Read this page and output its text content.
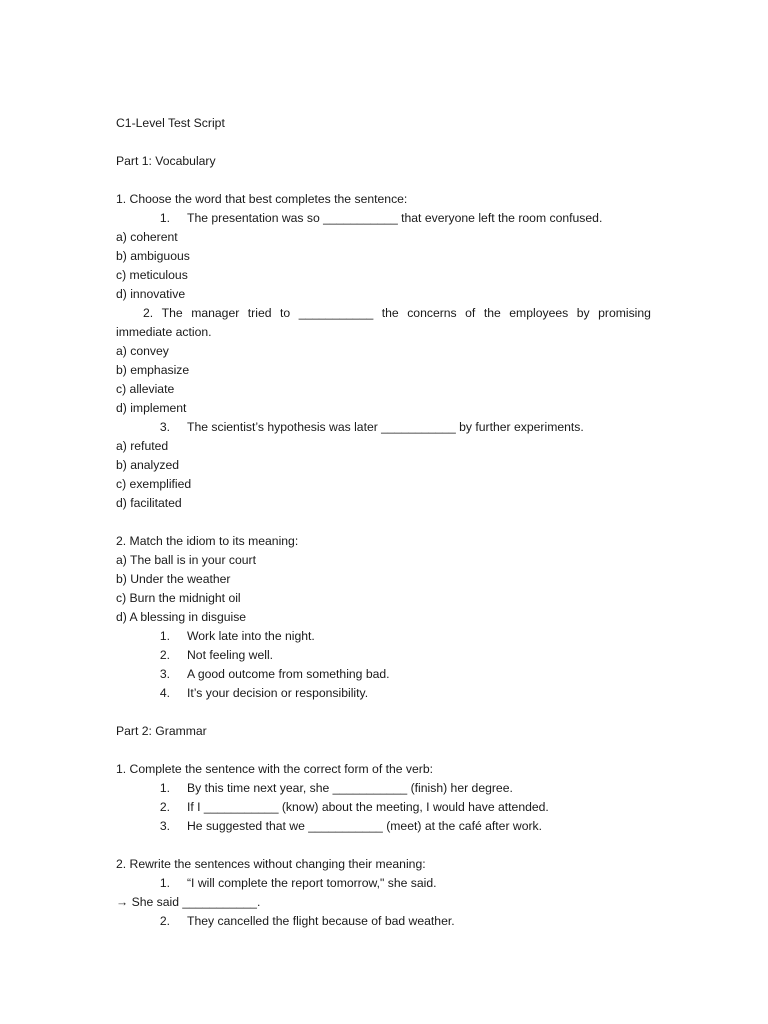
C1-Level Test Script
Part 1: Vocabulary
1. Choose the word that best completes the sentence:
1. The presentation was so ___________ that everyone left the room confused.
a) coherent
b) ambiguous
c) meticulous
d) innovative
2. The manager tried to ___________ the concerns of the employees by promising
immediate action.
a) convey
b) emphasize
c) alleviate
d) implement
3. The scientist’s hypothesis was later ___________ by further experiments.
a) refuted
b) analyzed
c) exemplified
d) facilitated
2. Match the idiom to its meaning:
a) The ball is in your court
b) Under the weather
c) Burn the midnight oil
d) A blessing in disguise
1. Work late into the night.
2. Not feeling well.
3. A good outcome from something bad.
4. It’s your decision or responsibility.
Part 2: Grammar
1. Complete the sentence with the correct form of the verb:
1. By this time next year, she ___________ (finish) her degree.
2. If I ___________ (know) about the meeting, I would have attended.
3. He suggested that we ___________ (meet) at the café after work.
2. Rewrite the sentences without changing their meaning:
1. “I will complete the report tomorrow," she said.
→ She said ___________.
2. They cancelled the flight because of bad weather.
